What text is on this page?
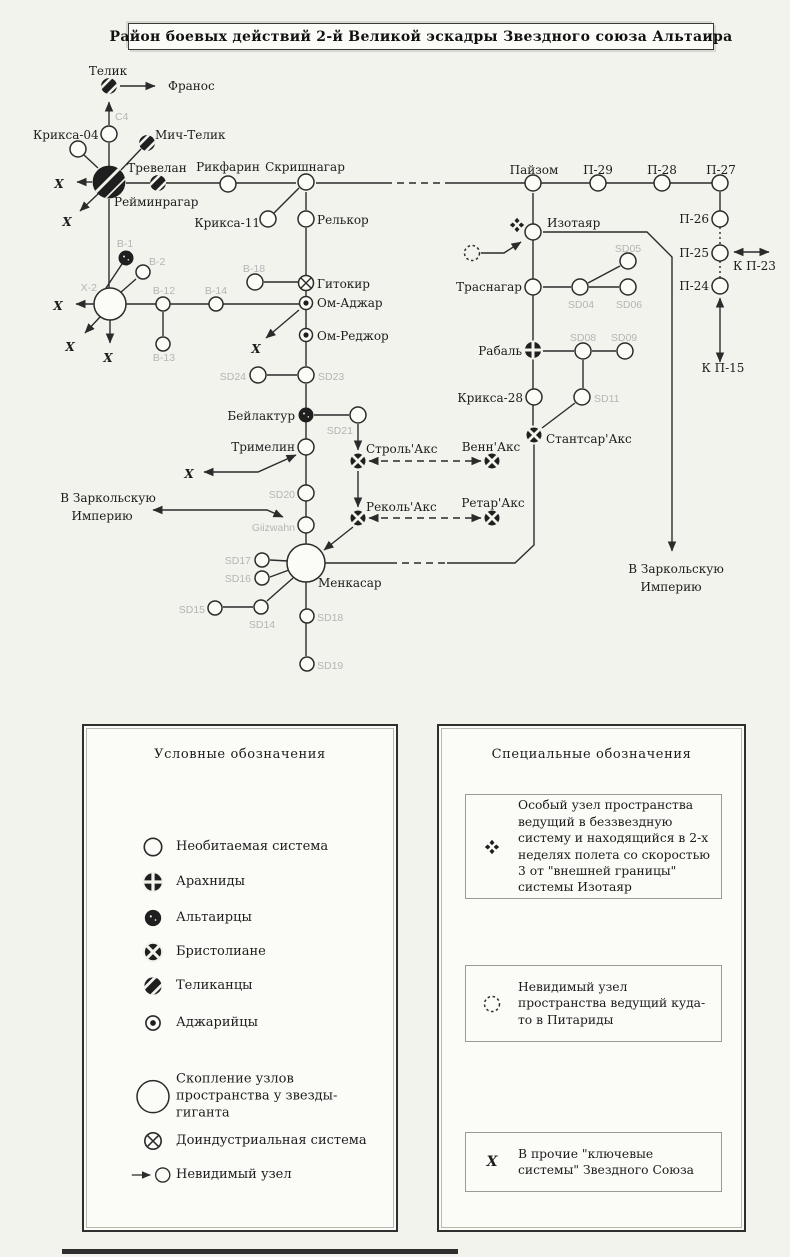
Район боевых действий 2-й Великой эскадры Звездного союза Альтаира
Телик
Франос
C4
Крикса-04	Мич-Телик
Тревелан
Рейминрагар
Рикфарин Скришнагар
Крикса-11	Релькор
В-18
Гитокир
Ом-Аджар
Ом-Реджор
В-1
В-2
Х-2	В-12	В-14
В-13
SD24	SD23
Бейлактур
SD21
Тримелин	Строль'Акс Венн'Акс
SD20
Giizwahn
Реколь'Акс Ретар'Акс
В Заркольскую
Империю
SD17
SD16
SD15
SD14
Менкасар
SD18
SD19
Пайзом П-29	П-28 П-27
П-26
П-25
П-24
К П-23
К П-15
Изотаяр
Траснагар
SD05
SD04 SD06
Рабаль
SD08 SD09
Крикса-28	SD11
Стантсар'Акс
В Заркольскую
Империю
X
X
X
X
X
X
X
Условные обозначения
Необитаемая система
Арахниды
Альтаирцы
Бристолиане
Теликанцы
Аджарийцы
Скопление узлов пространства у звезды-гиганта
Доиндустриальная система
Невидимый узел
Специальные обозначения
Особый узел пространства ведущий в беззвездную систему и находящийся в 2-х неделях полета со скоростью 3 от "внешней границы" системы Изотаяр
Невидимый узел пространства ведущий куда-то в Питариды
X
В прочие "ключевые системы" Звездного Союза
